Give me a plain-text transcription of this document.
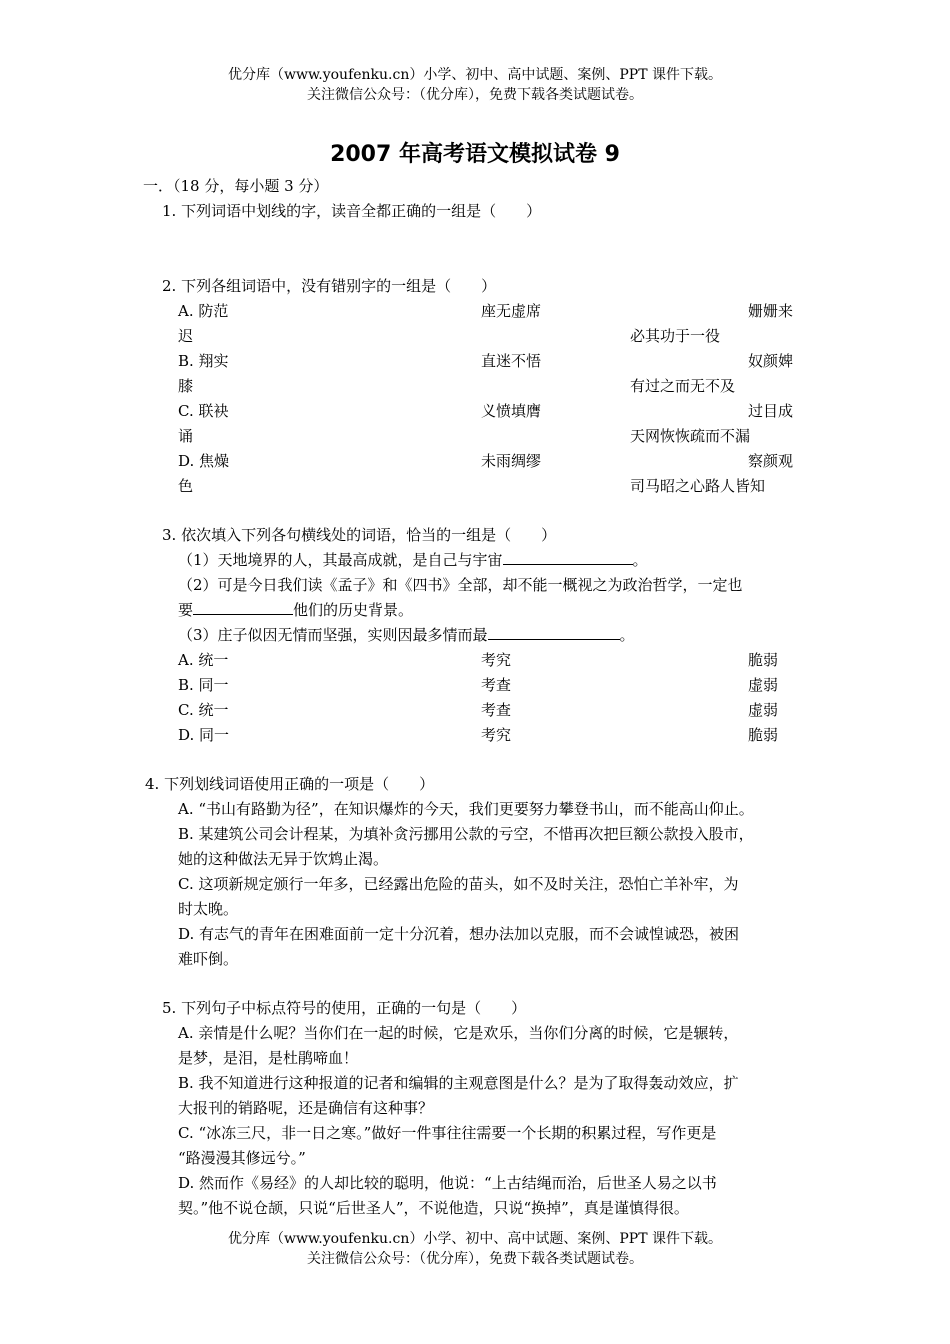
优分库（www.youfenku.cn）小学、初中、高中试题、案例、PPT 课件下载。
关注微信公众号：（优分库），免费下载各类试题试卷。
2007 年高考语文模拟试卷 9
一．（18 分，每小题 3 分）
1. 下列词语中划线的字，读音全都正确的一组是（　　）
2. 下列各组词语中，没有错别字的一组是（　　）
A. 防范	座无虚席	姗姗来
迟	必其功于一役
B. 翔实	直迷不悟	奴颜婢
膝	有过之而无不及
C. 联袂	义愤填膺	过目成
诵	天网恢恢疏而不漏
D. 焦燥	未雨绸缪	察颜观
色	司马昭之心路人皆知
3. 依次填入下列各句横线处的词语，恰当的一组是（　　）
（1）天地境界的人，其最高成就，是自己与宇宙	。
（2）可是今日我们读《孟子》和《四书》全部，却不能一概视之为政治哲学，一定也
要	他们的历史背景。
（3）庄子似因无情而坚强，实则因最多情而最	。
A. 统一	考究	脆弱
B. 同一	考查	虚弱
C. 统一	考查	虚弱
D. 同一	考究	脆弱
4. 下列划线词语使用正确的一项是（　　）
A. “书山有路勤为径”，在知识爆炸的今天，我们更要努力攀登书山，而不能高山仰止。
B. 某建筑公司会计程某，为填补贪污挪用公款的亏空，不惜再次把巨额公款投入股市，
她的这种做法无异于饮鸩止渴。
C. 这项新规定颁行一年多，已经露出危险的苗头，如不及时关注，恐怕亡羊补牢，为
时太晚。
D. 有志气的青年在困难面前一定十分沉着，想办法加以克服，而不会诚惶诚恐，被困
难吓倒。
5. 下列句子中标点符号的使用，正确的一句是（　　）
A. 亲情是什么呢？当你们在一起的时候，它是欢乐，当你们分离的时候，它是辗转，
是梦，是泪，是杜鹃啼血！
B. 我不知道进行这种报道的记者和编辑的主观意图是什么？是为了取得轰动效应，扩
大报刊的销路呢，还是确信有这种事？
C. “冰冻三尺，非一日之寒。”做好一件事往往需要一个长期的积累过程，写作更是
“路漫漫其修远兮。”
D. 然而作《易经》的人却比较的聪明，他说：“上古结绳而治，后世圣人易之以书
契。”他不说仓颉，只说“后世圣人”，不说他造，只说“换掉”，真是谨慎得很。
优分库（www.youfenku.cn）小学、初中、高中试题、案例、PPT 课件下载。
关注微信公众号：（优分库），免费下载各类试题试卷。
